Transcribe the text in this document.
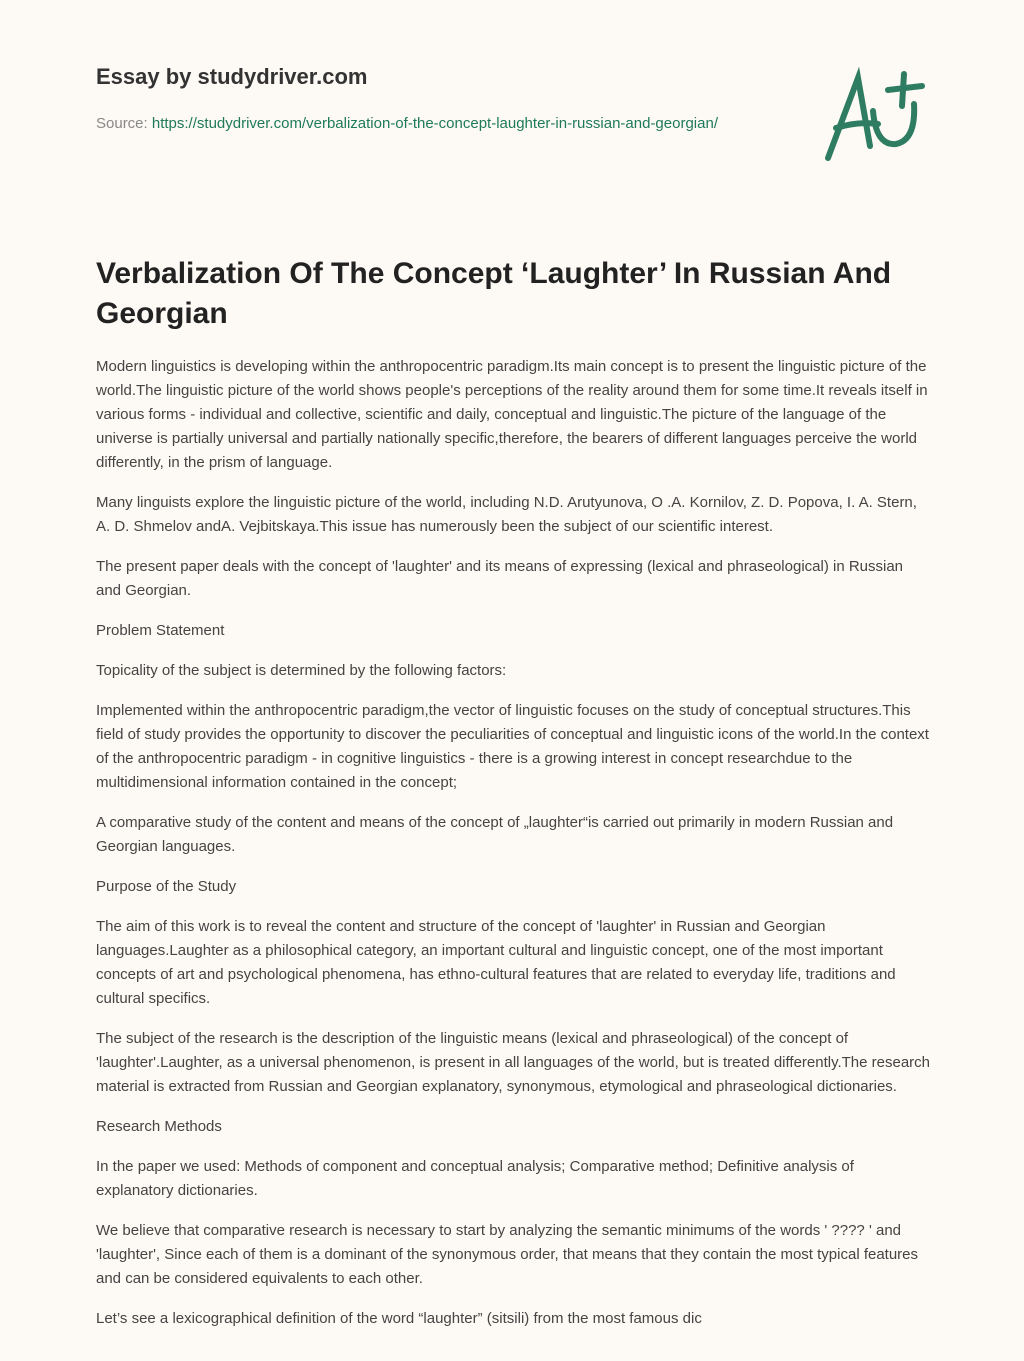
Essay by studydriver.com
Source: https://studydriver.com/verbalization-of-the-concept-laughter-in-russian-and-georgian/
Verbalization Of The Concept ‘Laughter’ In Russian And Georgian

Modern linguistics is developing within the anthropocentric paradigm.Its main concept is to present the linguistic picture of the world.The linguistic picture of the world shows people's perceptions of the reality around them for some time.It reveals itself in various forms - individual and collective, scientific and daily, conceptual and linguistic.The picture of the language of the universe is partially universal and partially nationally specific,therefore, the bearers of different languages perceive the world differently, in the prism of language.

Many linguists explore the linguistic picture of the world, including N.D. Arutyunova, O .A. Kornilov, Z. D. Popova, I. A. Stern, A. D. Shmelov andA. Vejbitskaya.This issue has numerously been the subject of our scientific interest.

The present paper deals with the concept of 'laughter' and its means of expressing (lexical and phraseological) in Russian and Georgian.

Problem Statement

Topicality of the subject is determined by the following factors:

Implemented within the anthropocentric paradigm,the vector of linguistic focuses on the study of conceptual structures.This field of study provides the opportunity to discover the peculiarities of conceptual and linguistic icons of the world.In the context of the anthropocentric paradigm - in cognitive linguistics - there is a growing interest in concept researchdue to the multidimensional information contained in the concept;

A comparative study of the content and means of the concept of „laughter“is carried out primarily in modern Russian and Georgian languages.

Purpose of the Study

The aim of this work is to reveal the content and structure of the concept of 'laughter' in Russian and Georgian languages.Laughter as a philosophical category, an important cultural and linguistic concept, one of the most important concepts of art and psychological phenomena, has ethno-cultural features that are related to everyday life, traditions and cultural specifics.

The subject of the research is the description of the linguistic means (lexical and phraseological) of the concept of 'laughter'.Laughter, as a universal phenomenon, is present in all languages of the world, but is treated differently.The research material is extracted from Russian and Georgian explanatory, synonymous, etymological and phraseological dictionaries.

Research Methods

In the paper we used: Methods of component and conceptual analysis; Comparative method; Definitive analysis of explanatory dictionaries.

We believe that comparative research is necessary to start by analyzing the semantic minimums of the words ' ???? ' and 'laughter', Since each of them is a dominant of the synonymous order, that means that they contain the most typical features and can be considered equivalents to each other.

Let’s see a lexicographical definition of the word “laughter” (sitsili) from the most famous dic
